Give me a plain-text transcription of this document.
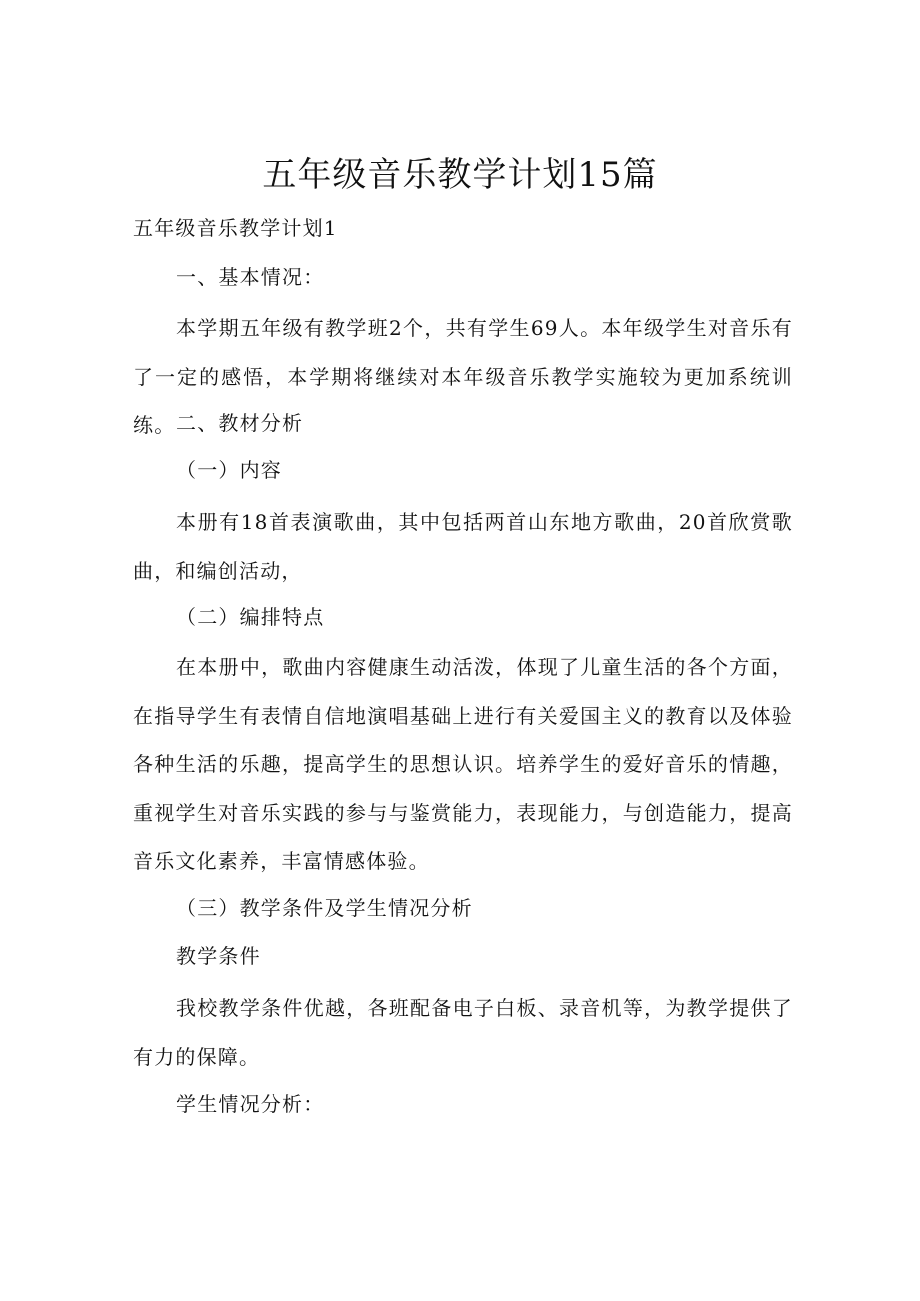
五年级音乐教学计划15篇
五年级音乐教学计划1
一、基本情况：
本学期五年级有教学班2个，共有学生69人。本年级学生对音乐有了一定的感悟，本学期将继续对本年级音乐教学实施较为更加系统训练。 二、教材分析
（一）内容
本册有18首表演歌曲，其中包括两首山东地方歌曲，20首欣赏歌曲，和编创活动，
（二）编排特点
在本册中，歌曲内容健康生动活泼，体现了儿童生活的各个方面，在指导学生有表情自信地演唱基础上进行有关爱国主义的教育以及体验各种生活的乐趣，提高学生的思想认识。培养学生的爱好音乐的情趣，重视学生对音乐实践的参与与鉴赏能力，表现能力，与创造能力，提高音乐文化素养，丰富情感体验。
（三）教学条件及学生情况分析
教学条件
我校教学条件优越，各班配备电子白板、录音机等，为教学提供了有力的保障。
学生情况分析：
